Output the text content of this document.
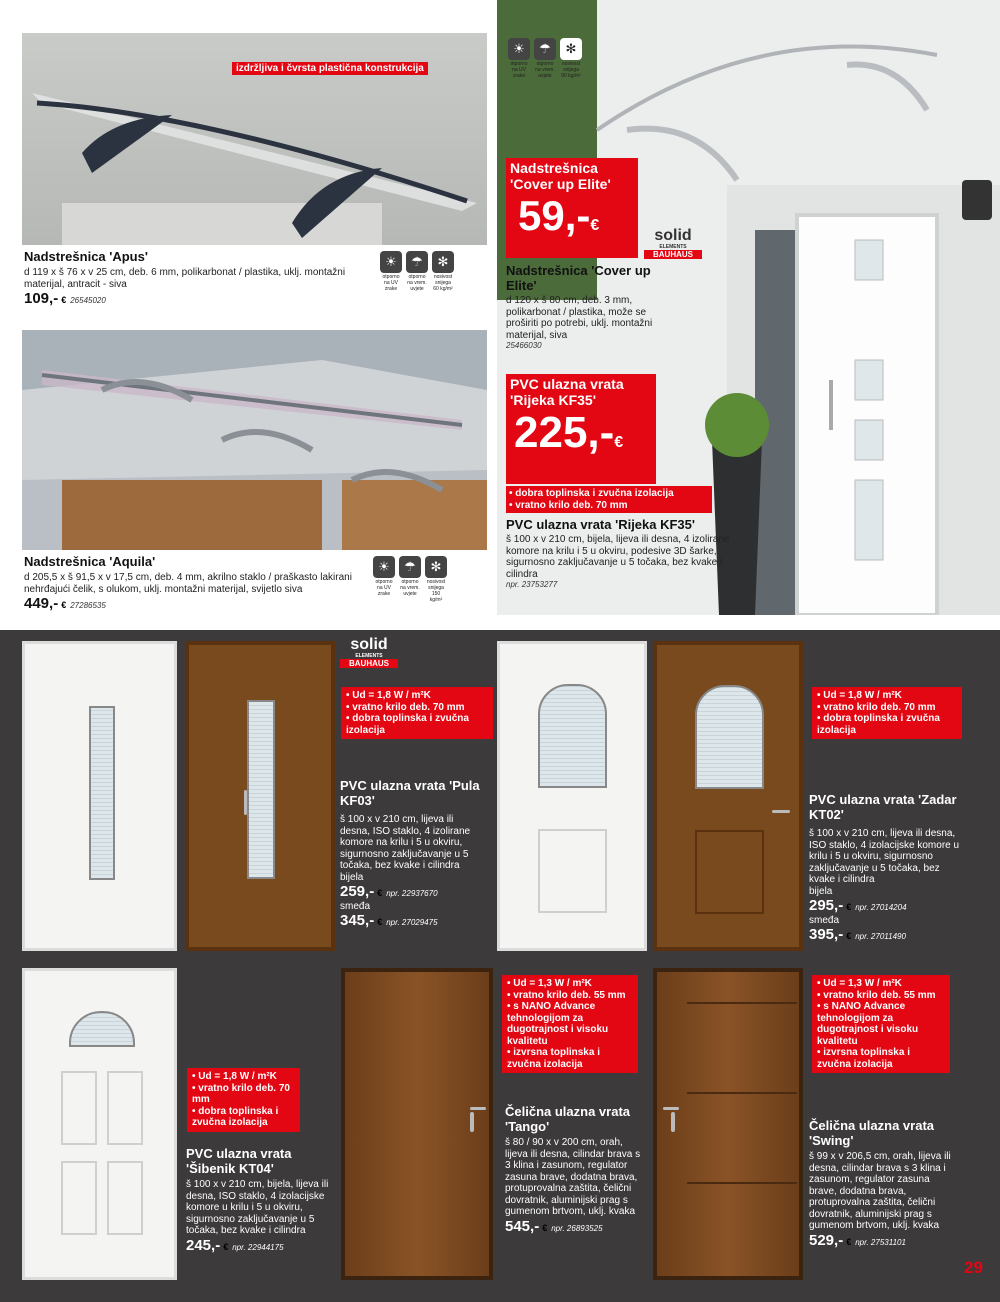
izdržljiva i čvrsta plastična konstrukcija
Nadstrešnica 'Apus'
d 119 x š 76 x v 25 cm, deb. 6 mm, polikarbonat / plastika, uklj. montažni materijal, antracit - siva
109,- € 26545020
☀
otporno na UV zrake
☂
otporno na vrem. uvjete
✻
nosivost snijega 60 kg/m²
Nadstrešnica 'Aquila'
d 205,5 x š 91,5 x v 17,5 cm, deb. 4 mm, akrilno staklo / praškasto lakirani nehrđajući čelik, s olukom, uklj. montažni materijal, svijetlo siva
449,- € 27286535
☀
otporno na UV zrake
☂
otporno na vrem. uvjete
✻
nosivost snijega 150 kg/m²
☀
otporno na UV zrake
☂
otporno na vrem. uvjete
✻
nosivost snijega 90 kg/m²
Nadstrešnica 'Cover up Elite'
59,-€
solid
ELEMENTS
BAUHAUS
Nadstrešnica 'Cover up Elite'
d 120 x š 80 cm, deb. 3 mm, polikarbonat / plastika, može se proširiti po potrebi, uklj. montažni materijal, siva
25466030
PVC ulazna vrata 'Rijeka KF35'
225,-€
• dobra toplinska i zvučna izolacija
• vratno krilo deb. 70 mm
PVC ulazna vrata 'Rijeka KF35'
š 100 x v 210 cm, bijela, lijeva ili desna, 4 izolirane komore na krilu i 5 u okviru, podesive 3D šarke, sigurnosno zaključavanje u 5 točaka, bez kvake i cilindra
npr. 23753277
solid
ELEMENTS
BAUHAUS
• Ud = 1,8 W / m²K
• vratno krilo deb. 70 mm
• dobra toplinska i zvučna izolacija
PVC ulazna vrata 'Pula KF03'
š 100 x v 210 cm, lijeva ili desna, ISO staklo, 4 izolirane komore na krilu i 5 u okviru, sigurnosno zaključavanje u 5 točaka, bez kvake i cilindra
bijela
259,- € npr. 22937670
smeđa
345,- € npr. 27029475
• Ud = 1,8 W / m²K
• vratno krilo deb. 70 mm
• dobra toplinska i zvučna izolacija
PVC ulazna vrata 'Zadar KT02'
š 100 x v 210 cm, lijeva ili desna, ISO staklo, 4 izolacijske komore u krilu i 5 u okviru, sigurnosno zaključavanje u 5 točaka, bez kvake i cilindra
bijela
295,- € npr. 27014204
smeđa
395,- € npr. 27011490
• Ud = 1,8 W / m²K
• vratno krilo deb. 70 mm
• dobra toplinska i zvučna izolacija
PVC ulazna vrata 'Šibenik KT04'
š 100 x v 210 cm, bijela, lijeva ili desna, ISO staklo, 4 izolacijske komore u krilu i 5 u okviru, sigurnosno zaključavanje u 5 točaka, bez kvake i cilindra
245,- € npr. 22944175
• Ud = 1,3 W / m²K
• vratno krilo deb. 55 mm
• s NANO Advance tehnologijom za dugotrajnost i visoku kvalitetu
• izvrsna toplinska i zvučna izolacija
Čelična ulazna vrata 'Tango'
š 80 / 90 x v 200 cm, orah, lijeva ili desna, cilindar brava s 3 klina i zasunom, regulator zasuna brave, dodatna brava, protuprovalna zaštita, čelični dovratnik, aluminijski prag s gumenom brtvom, uklj. kvaka
545,- € npr. 26893525
• Ud = 1,3 W / m²K
• vratno krilo deb. 55 mm
• s NANO Advance tehnologijom za dugotrajnost i visoku kvalitetu
• izvrsna toplinska i zvučna izolacija
Čelična ulazna vrata 'Swing'
š 99 x v 206,5 cm, orah, lijeva ili desna, cilindar brava s 3 klina i zasunom, regulator zasuna brave, dodatna brava, protuprovalna zaštita, čelični dovratnik, aluminijski prag s gumenom brtvom, uklj. kvaka
529,- € npr. 27531101
29
